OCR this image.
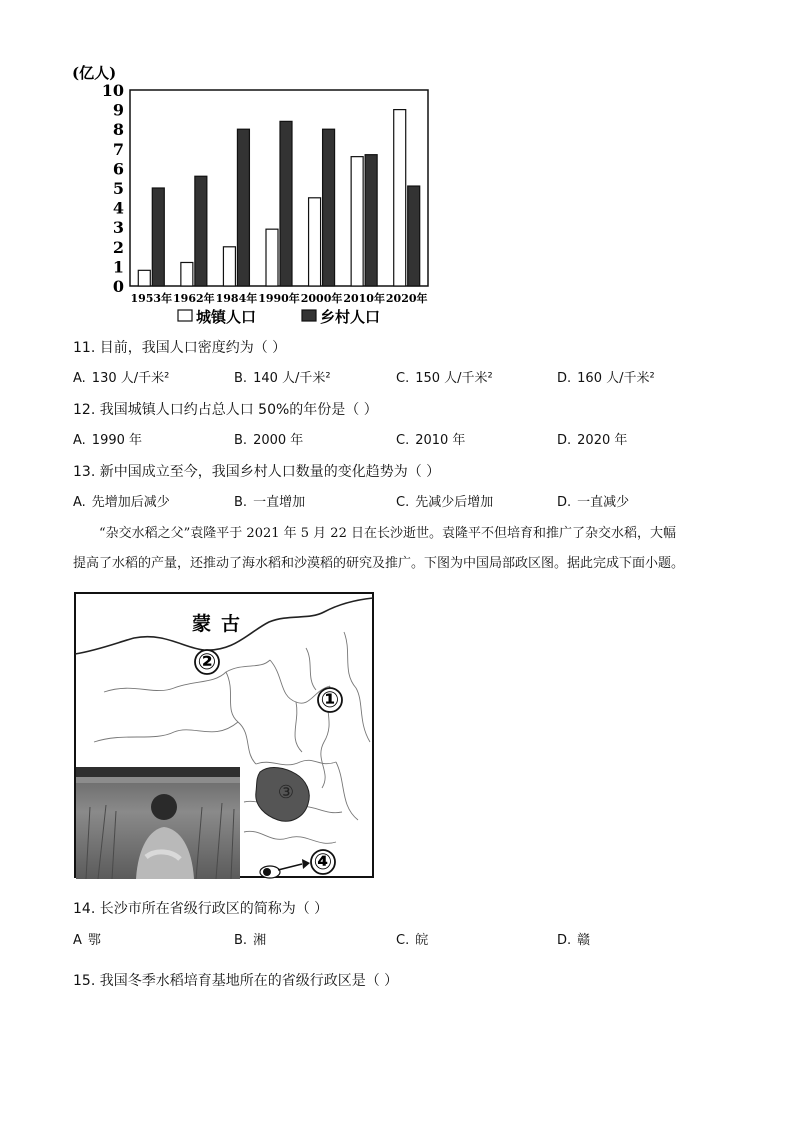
(亿人)
0
1
2
3
4
5
6
7
8
9
10
1953年 1962年 1984年 1990年 2000年 2010年 2020年
城镇人口	乡村人口
11. 目前，我国人口密度约为（ ）
A. 130 人/千米²	B. 140 人/千米²	C. 150 人/千米²	D. 160 人/千米²
12. 我国城镇人口约占总人口 50%的年份是（ ）
A. 1990 年	B. 2000 年	C. 2010 年	D. 2020 年
13. 新中国成立至今，我国乡村人口数量的变化趋势为（ ）
A. 先增加后减少	B. 一直增加	C. 先减少后增加	D. 一直减少
“杂交水稻之父”袁隆平于 2021 年 5 月 22 日在长沙逝世。袁隆平不但培育和推广了杂交水稻，大幅
提高了水稻的产量，还推动了海水稻和沙漠稻的研究及推广。下图为中国局部政区图。据此完成下面小题。
蒙古
①
②
③
④
14. 长沙市所在省级行政区的简称为（ ）
A 鄂	B. 湘	C. 皖	D. 赣
15. 我国冬季水稻培育基地所在的省级行政区是（ ）
